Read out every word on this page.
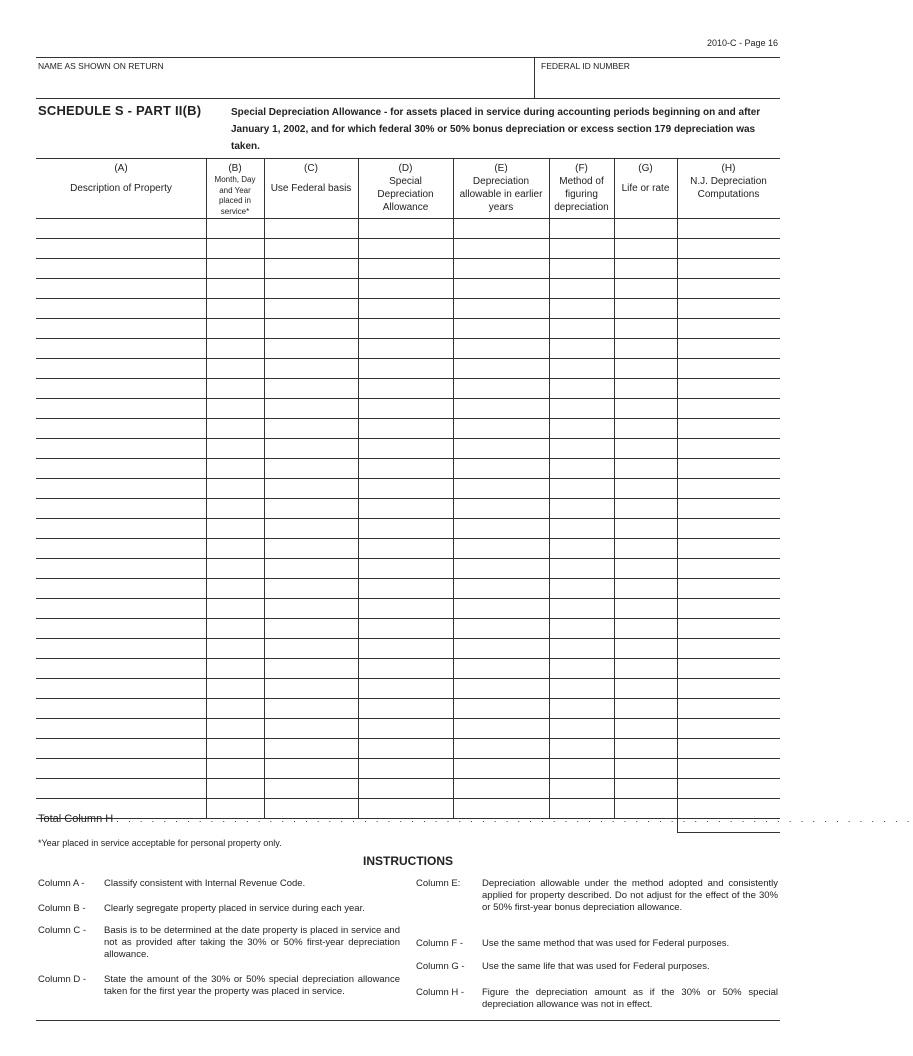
2010-C - Page 16
NAME AS SHOWN ON RETURN	FEDERAL ID NUMBER
SCHEDULE S - PART II(B)	Special Depreciation Allowance - for assets placed in service during accounting periods beginning on and after January 1, 2002, and for which federal 30% or 50% bonus depreciation or excess section 179 depreciation was taken.
(A)
Description of Property
(B)
Month, Day and Year placed in service*
(C)
Use Federal basis
(D)
Special Depreciation Allowance
(E)
Depreciation allowable in earlier years
(F)
Method of figuring depreciation
(G)
Life or rate
(H)
N.J. Depreciation Computations
Total Column H . . . . . . . . . . . . . . . . . . . . . . . . . . . . . . . . . . . . . . . . . . . . . . . . . . . . . . . . . . . . . . . . . . . .
*Year placed in service acceptable for personal property only.
INSTRUCTIONS
Column A - Classify consistent with Internal Revenue Code.
Column B - Clearly segregate property placed in service during each year.
Column C - Basis is to be determined at the date property is placed in service and not as provided after taking the 30% or 50% first-year depreciation allowance.
Column D - State the amount of the 30% or 50% special depreciation allowance taken for the first year the property was placed in service.
Column E: Depreciation allowable under the method adopted and consistently applied for property described. Do not adjust for the effect of the 30% or 50% first-year bonus depreciation allowance.
Column F - Use the same method that was used for Federal purposes.
Column G - Use the same life that was used for Federal purposes.
Column H - Figure the depreciation amount as if the 30% or 50% special depreciation allowance was not in effect.
